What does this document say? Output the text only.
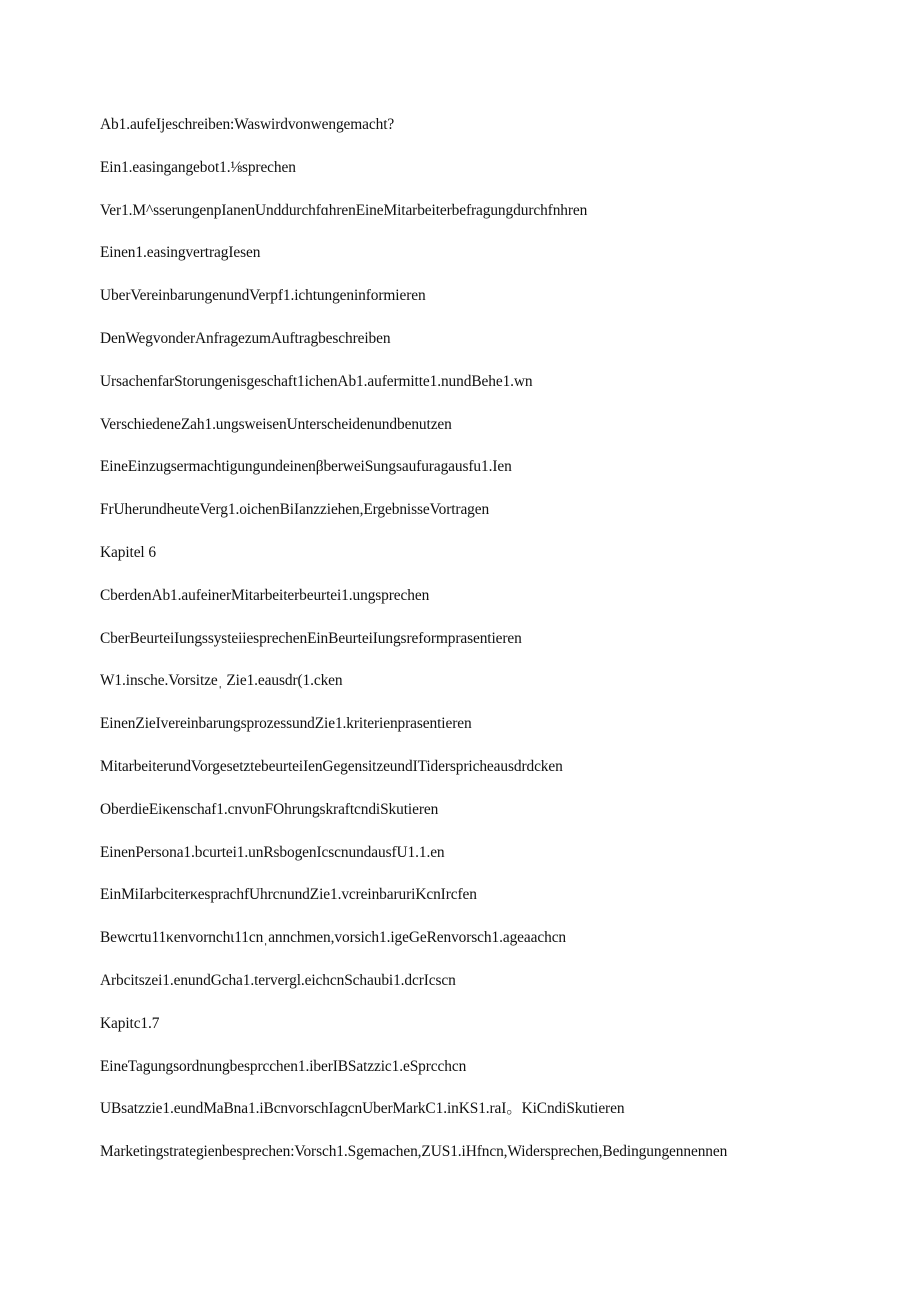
Ab1.aufeIjeschreiben:Waswirdvonwengemacht?
Ein1.easingangebot1.⅛sprechen
Ver1.M^sserungenpIanenUnddurchfɑhrenEineMitarbeiterbefragungdurchfnhren
Einen1.easingvertragIesen
UberVereinbarungenundVerpf1.ichtungeninformieren
DenWegvonderAnfragezumAuftragbeschreiben
UrsachenfarStorungenisgeschaft1ichenAb1.aufermitte1.nundBehe1.wn
VerschiedeneZah1.ungsweisenUnterscheidenundbenutzen
EineEinzugsermachtigungundeinenβberweiSungsaufuragausfu1.Ien
FrUherundheuteVerg1.oichenBiIanzziehen,ErgebnisseVortragen
Kapitel 6
CberdenAb1.aufeinerMitarbeiterbeurtei1.ungsprechen
CberBeurteiIungssysteiiesprechenEinBeurteiIungsreformprasentieren
W1.insche.Vorsitzeˌ Zie1.eausdr(1.cken
EinenZieIvereinbarungsprozessundZie1.kriterienprasentieren
MitarbeiterundVorgesetztebeurteiIenGegensitzeundITiderspricheausdrdcken
OberdieEiκenschaf1.cnvυnFOhrungskraftcndiSkutieren
EinenPersona1.bcurtei1.unRsbogenIcscnundausfU1.1.en
EinMiIarbciterκesprachfUhrcnundZie1.vcreinbaruriKcnIrcfen
Bewcrtu11κenvornchι11cnˌannchmen,vorsich1.igeGeRenvorsch1.ageaachcn
Arbcitszei1.enundGcha1.tervergl.eichcnSchaubi1.dcrIcscn
Kapitc1.7
EineTagungsordnungbesprcchen1.iberIBSatzzic1.eSprcchcn
UBsatzzie1.eundMaBna1.iBcnvorschIagcnUberMarkC1.inKS1.raI。KiCndiSkutieren
Marketingstrategienbesprechen:Vorsch1.Sgemachen,ZUS1.iHfncn,Widersprechen,Bedingungennennen
